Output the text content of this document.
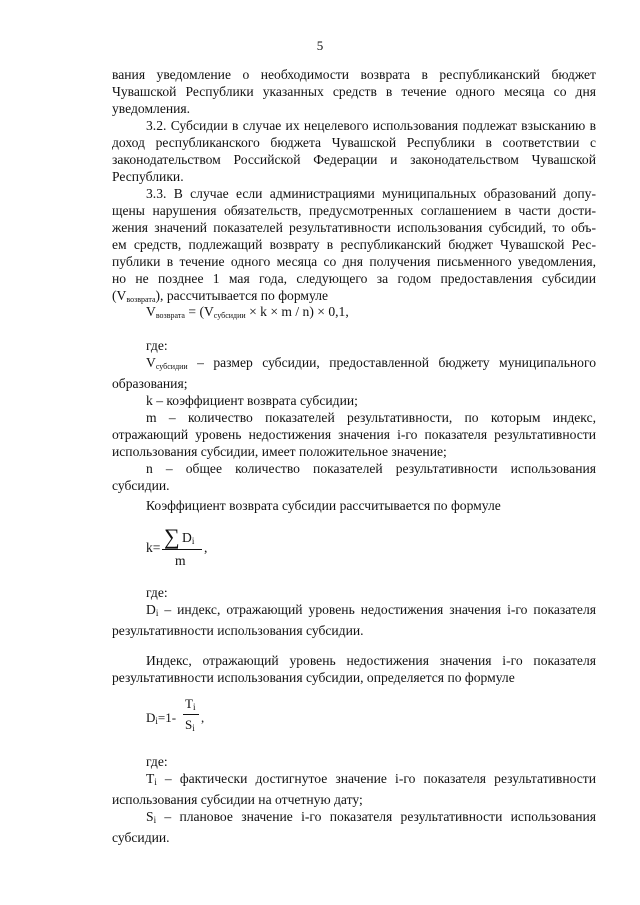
5

вания уведомление о необходимости возврата в республиканский бюджет Чувашской Республики указанных средств в течение одного месяца со дня уведомления.

3.2. Субсидии в случае их нецелевого использования подлежат взысканию в доход республиканского бюджета Чувашской Республики в соответствии с законодательством Российской Федерации и законодательством Чувашской Республики.

3.3. В случае если администрациями муниципальных образований допу-

щены нарушения обязательств, предусмотренных соглашением в части дости-

жения значений показателей результативности использования субсидий, то объ-

ем средств, подлежащий возврату в республиканский бюджет Чувашской Рес-

публики в течение одного месяца со дня получения письменного уведомления,

но не позднее 1 мая года, следующего за годом предоставления субсидии

(Vвозврата), рассчитывается по формуле

Vвозврата = (Vсубсидии × k × m / n) × 0,1,

где:

Vсубсидии – размер субсидии, предоставленной бюджету муниципального

образования;

k – коэффициент возврата субсидии;

m – количество показателей результативности, по которым индекс, отражающий уровень недостижения значения i-го показателя результативности использования субсидии, имеет положительное значение;

n – общее количество показателей результативности использования субсидии.

Коэффициент возврата субсидии рассчитывается по формуле

k= ∑ $D_i$
m
,

где:

$D_i$ – индекс, отражающий уровень недостижения значения i-го показателя результативности использования субсидии.

Индекс, отражающий уровень недостижения значения i-го показателя результативности использования субсидии, определяется по формуле

$D_i=1-$
$T_i$
$S_i$
,

где:

$T_i$ – фактически достигнутое значение i-го показателя результативности использования субсидии на отчетную дату;

$S_i$ – плановое значение i-го показателя результативности использования субсидии.
